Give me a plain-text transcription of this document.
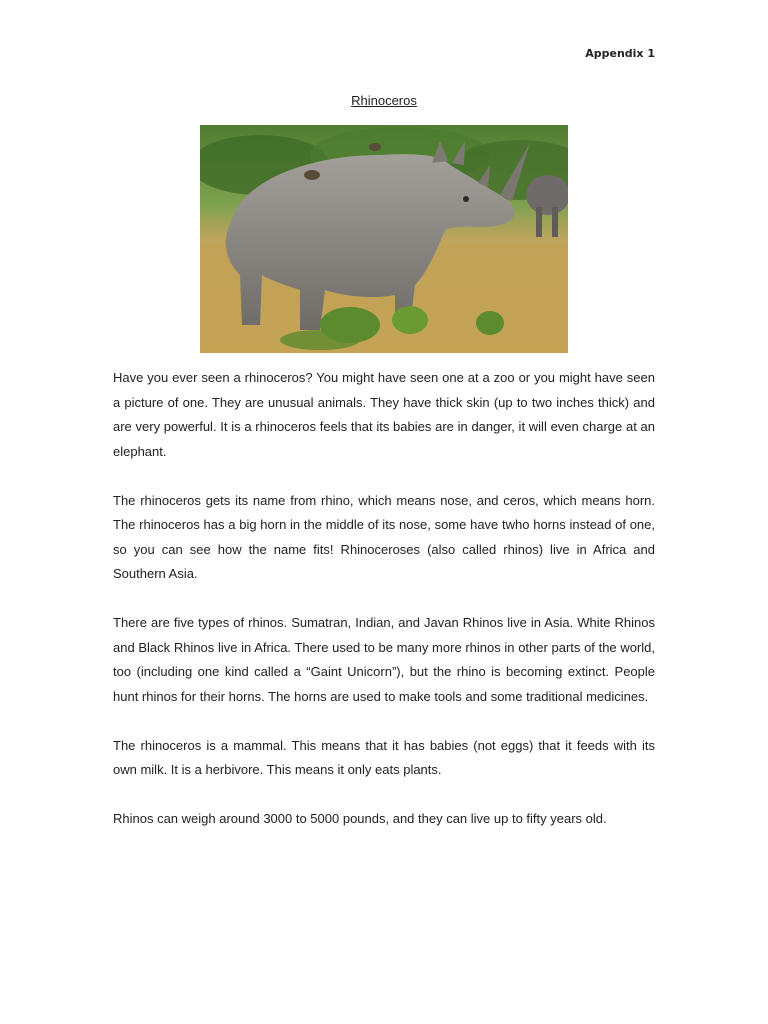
Appendix 1
Rhinoceros

Have you ever seen a rhinoceros? You might have seen one at a zoo or you might have seen a picture of one. They are unusual animals. They have thick skin (up to two inches thick) and are very powerful. It is a rhinoceros feels that its babies are in danger, it will even charge at an elephant.

The rhinoceros gets its name from rhino, which means nose, and ceros, which means horn. The rhinoceros has a big horn in the middle of its nose, some have twho horns instead of one, so you can see how the name fits! Rhinoceroses (also called rhinos) live in Africa and Southern Asia.

There are five types of rhinos. Sumatran, Indian, and Javan Rhinos live in Asia. White Rhinos and Black Rhinos live in Africa. There used to be many more rhinos in other parts of the world, too (including one kind called a “Gaint Unicorn”), but the rhino is becoming extinct. People hunt rhinos for their horns. The horns are used to make tools and some traditional medicines.

The rhinoceros is a mammal. This means that it has babies (not eggs) that it feeds with its own milk. It is a herbivore. This means it only eats plants.

Rhinos can weigh around 3000 to 5000 pounds, and they can live up to fifty years old.
